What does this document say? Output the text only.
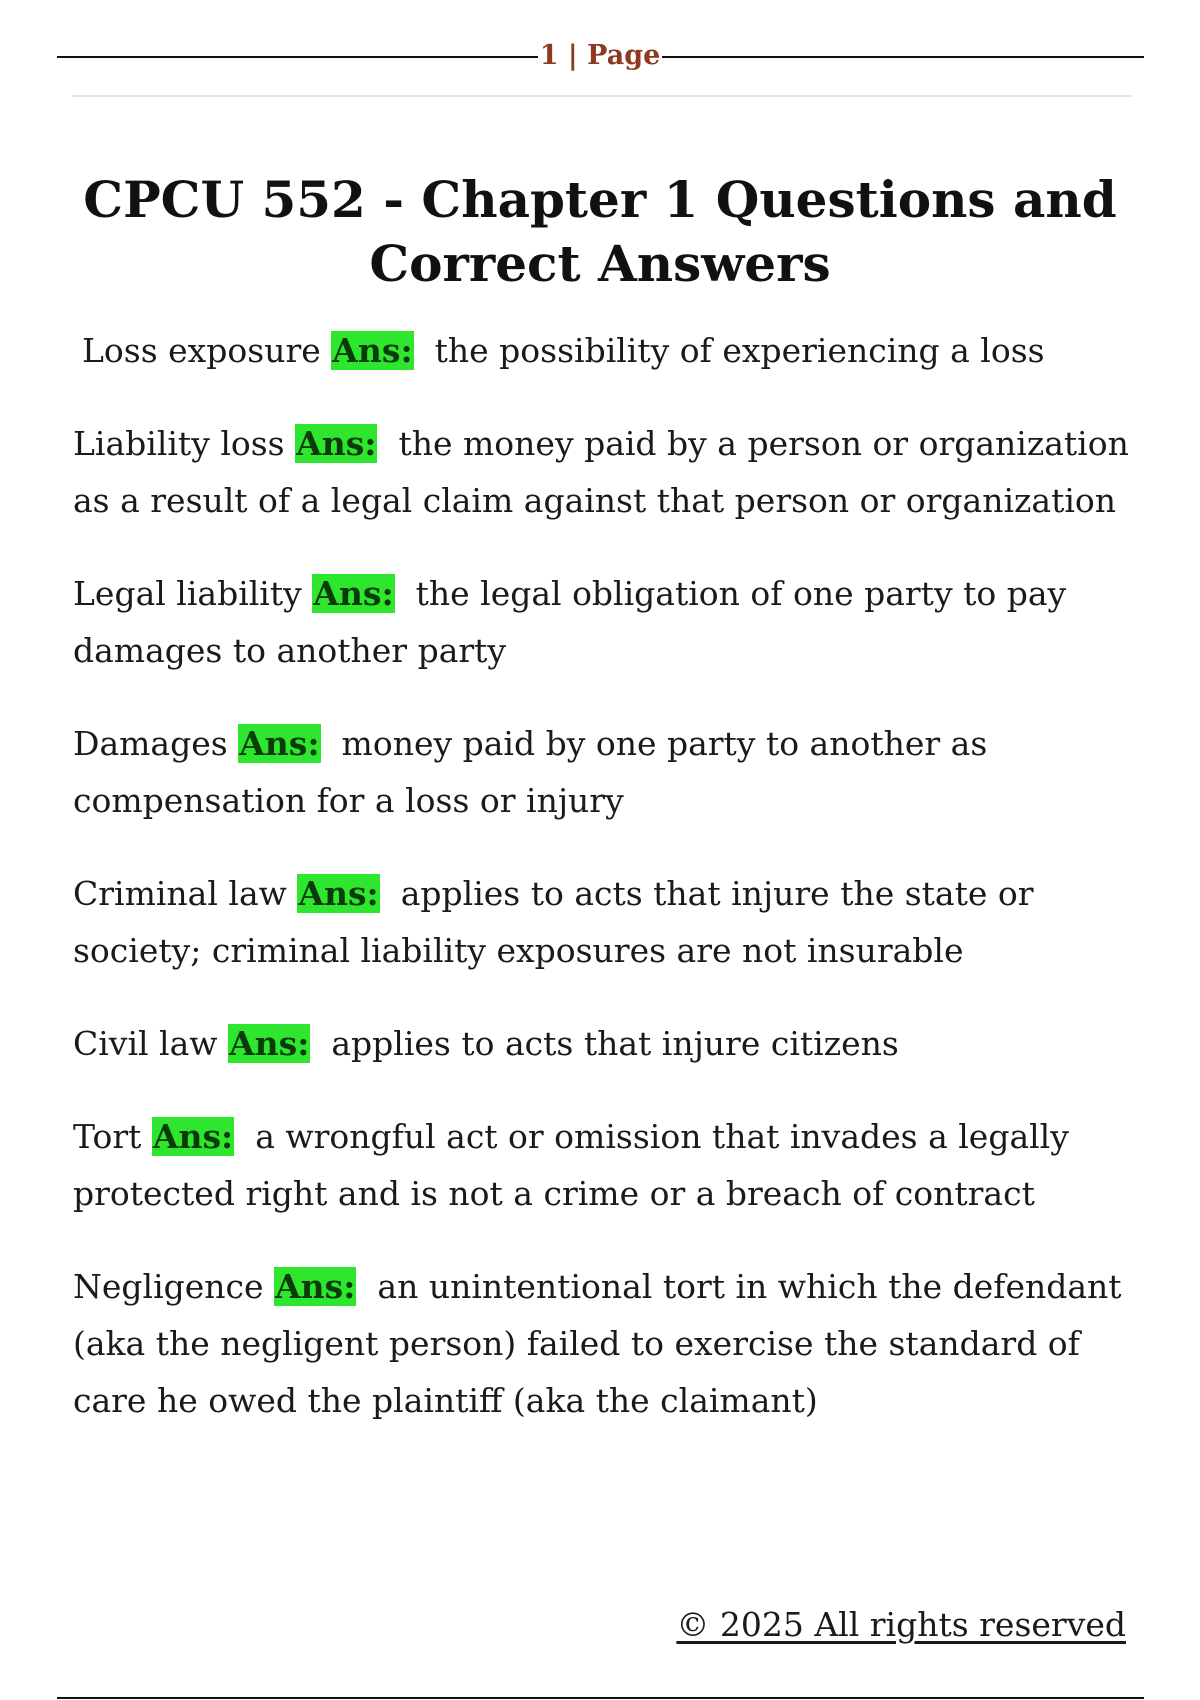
1 | Page
CPCU 552 - Chapter 1 Questions and Correct Answers

Loss exposure Ans: the possibility of experiencing a loss

Liability loss Ans: the money paid by a person or organization as a result of a legal claim against that person or organization

Legal liability Ans: the legal obligation of one party to pay damages to another party

Damages Ans: money paid by one party to another as compensation for a loss or injury

Criminal law Ans: applies to acts that injure the state or society; criminal liability exposures are not insurable

Civil law Ans: applies to acts that injure citizens

Tort Ans: a wrongful act or omission that invades a legally protected right and is not a crime or a breach of contract

Negligence Ans: an unintentional tort in which the defendant (aka the negligent person) failed to exercise the standard of care he owed the plaintiff (aka the claimant)

© 2025 All rights reserved
